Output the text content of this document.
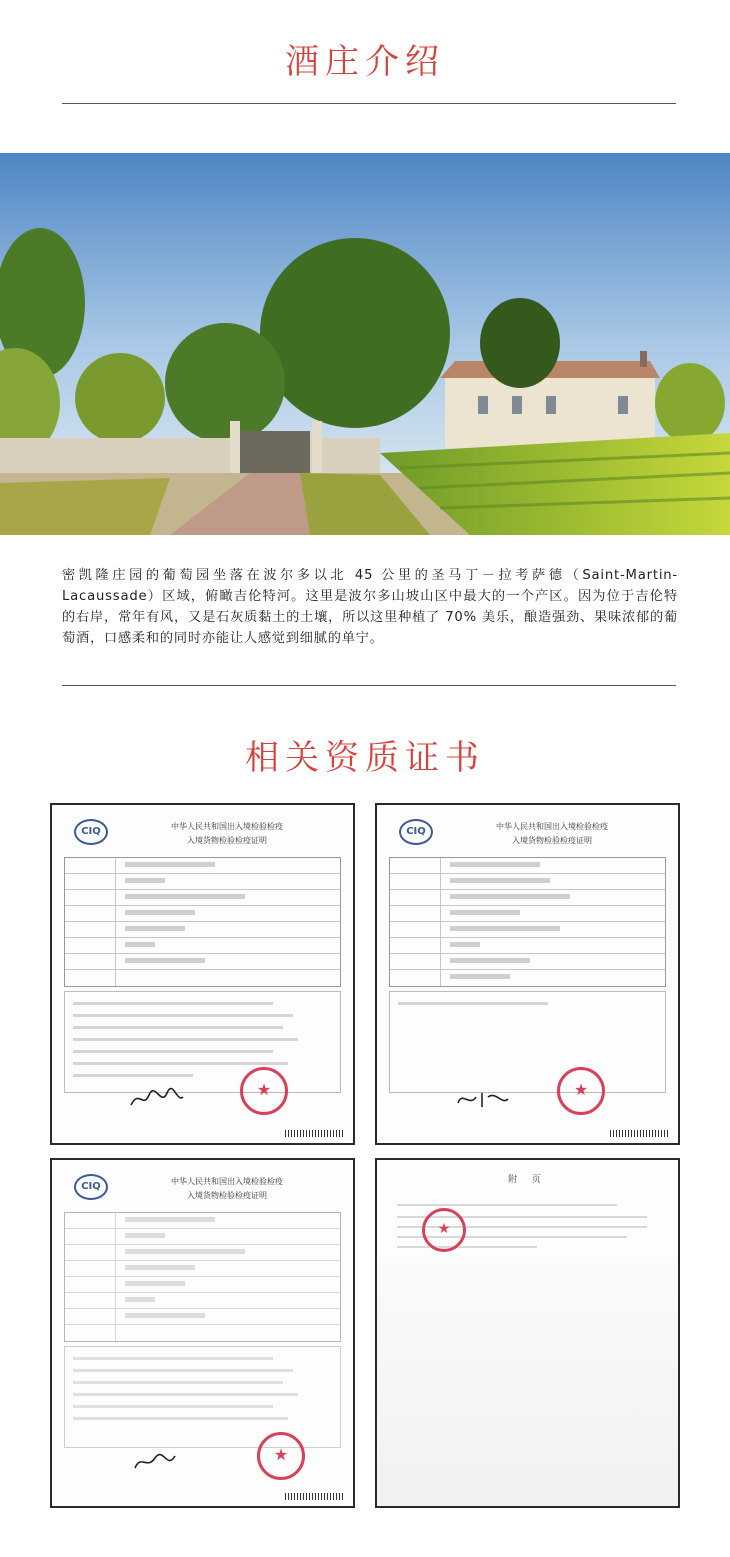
酒庄介绍

密凯隆庄园的葡萄园坐落在波尔多以北 45 公里的圣马丁－拉考萨德（Saint-Martin-Lacaussade）区域，俯瞰吉伦特河。这里是波尔多山坡山区中最大的一个产区。因为位于吉伦特的右岸，常年有风，又是石灰质黏土的土壤，所以这里种植了 70% 美乐，酿造强劲、果味浓郁的葡萄酒，口感柔和的同时亦能让人感觉到细腻的单宁。

相关资质证书
CIQ	中华人民共和国出入境检验检疫
入境货物检验检疫证明
★
CIQ	中华人民共和国出入境检验检疫
入境货物检验检疫证明
★
CIQ	中华人民共和国出入境检验检疫
入境货物检验检疫证明
★
附 页
★
